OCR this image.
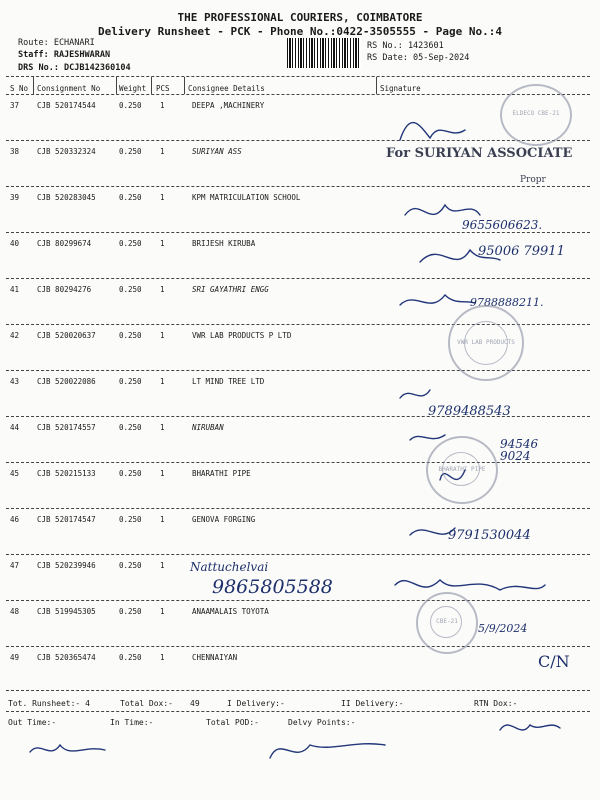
THE PROFESSIONAL COURIERS, COIMBATORE
Delivery Runsheet - PCK - Phone No.:0422-3505555 - Page No.:4
Route: ECHANARI
Staff: RAJESHWARAN
DRS No.: DCJB142360104
RS No.: 1423601
RS Date: 05-Sep-2024
S No Consignment No	Weight PCS Consignee Details	Signature
37 CJB 520174544	0.250 1	DEEPA ,MACHINERY
38 CJB 520332324	0.250 1	SURIYAN ASS
39 CJB 520283045	0.250 1	KPM MATRICULATION SCHOOL
40 CJB 80299674	0.250 1	BRIJESH KIRUBA
41 CJB 80294276	0.250 1	SRI GAYATHRI ENGG
42 CJB 520020637	0.250 1	VWR LAB PRODUCTS P LTD
43 CJB 520022086	0.250 1	LT MIND TREE LTD
44 CJB 520174557	0.250 1	NIRUBAN
45 CJB 520215133	0.250 1	BHARATHI PIPE
46 CJB 520174547	0.250 1	GENOVA FORGING
47 CJB 520239946	0.250 1
48 CJB 519945305	0.250 1	ANAAMALAIS TOYOTA
49 CJB 520365474	0.250 1	CHENNAIYAN
For SURIYAN ASSOCIATE
Propr
9655606623.
95006 79911
9788888211.
9789488543
94546 9024
9791530044
Nattuchelvai
9865805588
5/9/2024
C/N
ELDECO CBE-21
VWR LAB PRODUCTS
BHARATHI PIPE
CBE-21
Tot. Runsheet:- 4	Total Dox:- 49	I Delivery:-	II Delivery:-	RTN Dox:-
Out Time:-	In Time:-	Total POD:-	Delvy Points:-
